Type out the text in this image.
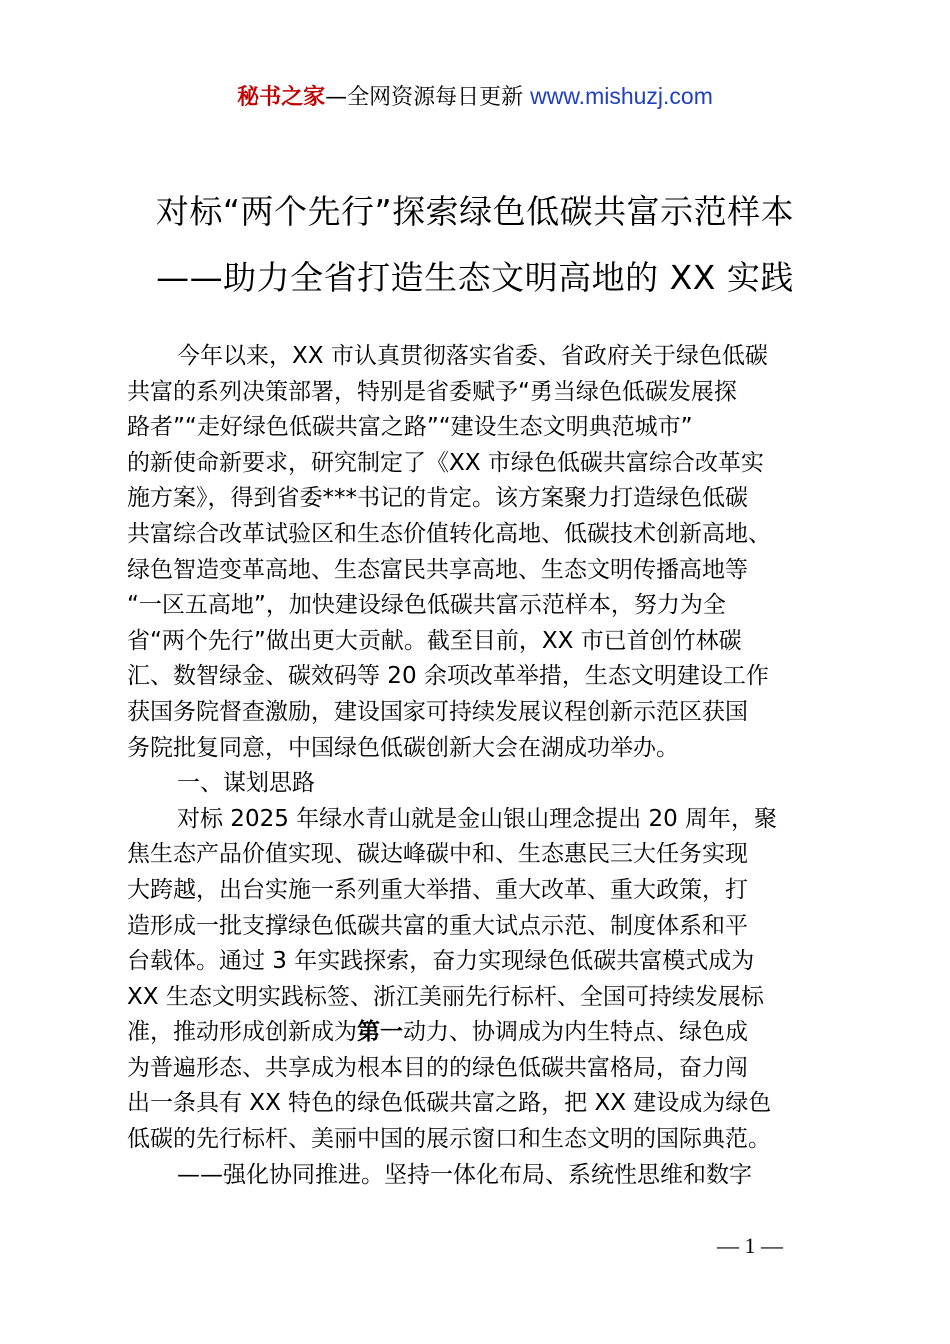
秘书之家—全网资源每日更新 www.mishuzj.com
对标“两个先行”探索绿色低碳共富示范样本
——助力全省打造生态文明高地的 XX 实践
今年以来，XX 市认真贯彻落实省委、省政府关于绿色低碳
共富的系列决策部署，特别是省委赋予“勇当绿色低碳发展探
路者”“走好绿色低碳共富之路”“建设生态文明典范城市”
的新使命新要求，研究制定了《XX 市绿色低碳共富综合改革实
施方案》，得到省委***书记的肯定。该方案聚力打造绿色低碳
共富综合改革试验区和生态价值转化高地、低碳技术创新高地、
绿色智造变革高地、生态富民共享高地、生态文明传播高地等
“一区五高地”，加快建设绿色低碳共富示范样本，努力为全
省“两个先行”做出更大贡献。截至目前，XX 市已首创竹林碳
汇、数智绿金、碳效码等 20 余项改革举措，生态文明建设工作
获国务院督查激励，建设国家可持续发展议程创新示范区获国
务院批复同意，中国绿色低碳创新大会在湖成功举办。
一、谋划思路
对标 2025 年绿水青山就是金山银山理念提出 20 周年，聚
焦生态产品价值实现、碳达峰碳中和、生态惠民三大任务实现
大跨越，出台实施一系列重大举措、重大改革、重大政策，打
造形成一批支撑绿色低碳共富的重大试点示范、制度体系和平
台载体。通过 3 年实践探索，奋力实现绿色低碳共富模式成为
XX 生态文明实践标签、浙江美丽先行标杆、全国可持续发展标
准，推动形成创新成为第一动力、协调成为内生特点、绿色成
为普遍形态、共享成为根本目的的绿色低碳共富格局，奋力闯
出一条具有 XX 特色的绿色低碳共富之路，把 XX 建设成为绿色
低碳的先行标杆、美丽中国的展示窗口和生态文明的国际典范。
——强化协同推进。坚持一体化布局、系统性思维和数字
— 1 —
